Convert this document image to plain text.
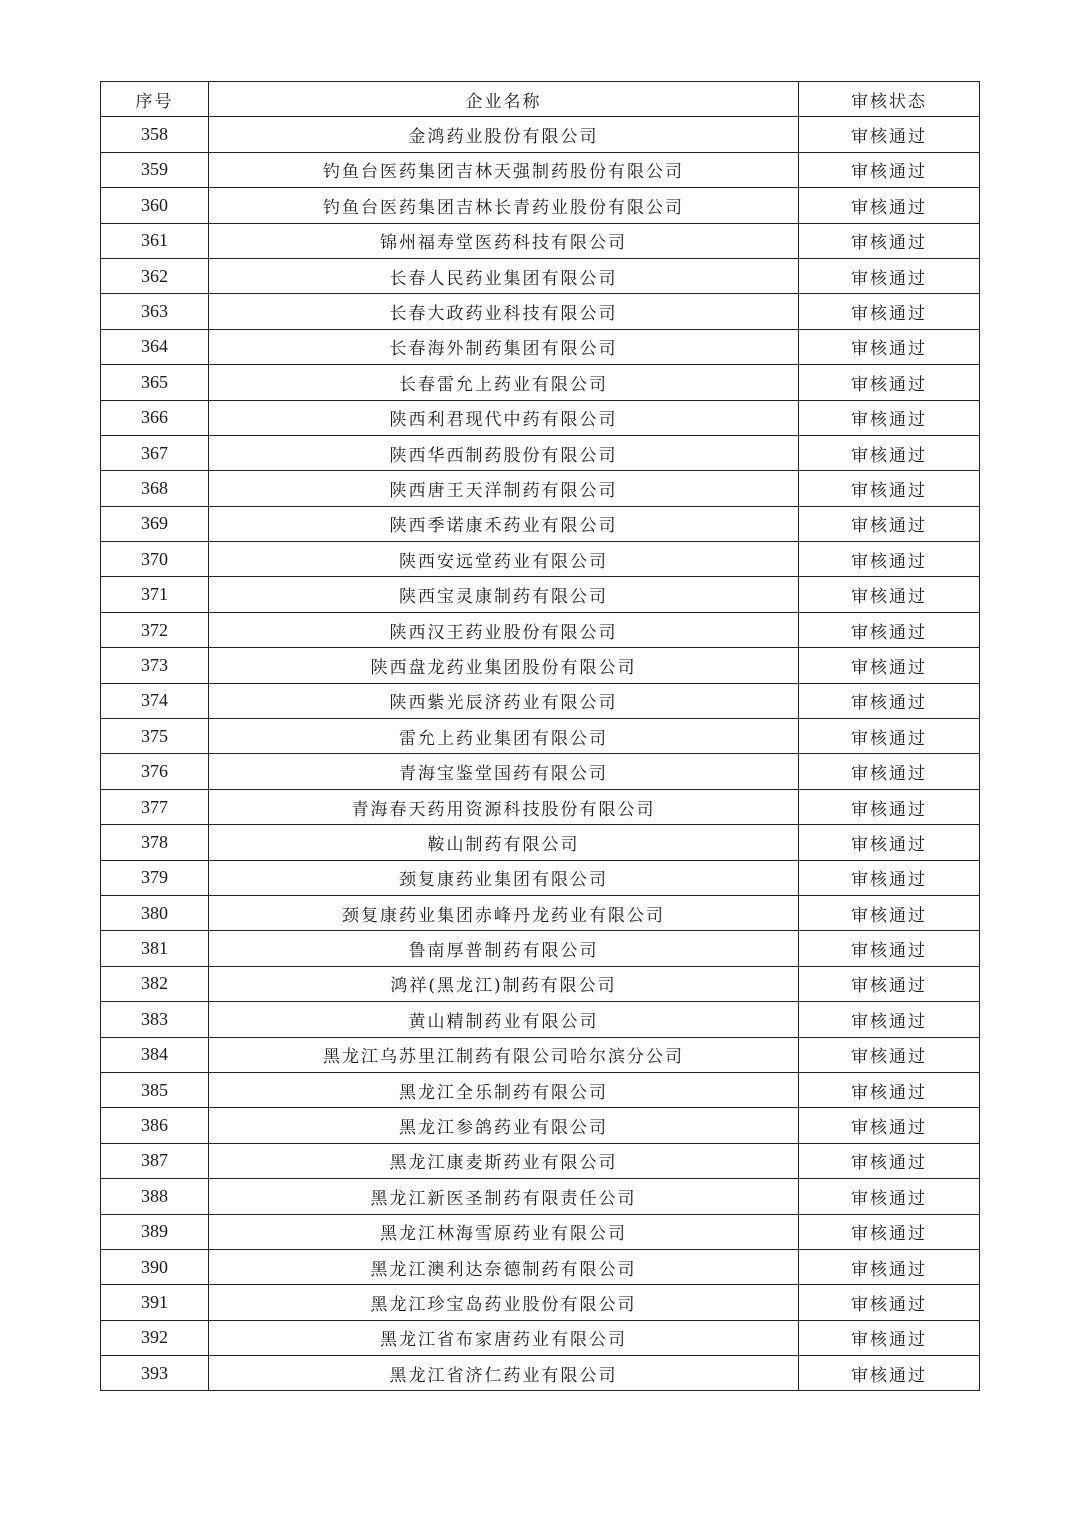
序号	企业名称	审核状态
358	金鸿药业股份有限公司	审核通过
359	钓鱼台医药集团吉林天强制药股份有限公司	审核通过
360	钓鱼台医药集团吉林长青药业股份有限公司	审核通过
361	锦州福寿堂医药科技有限公司	审核通过
362	长春人民药业集团有限公司	审核通过
363	长春大政药业科技有限公司	审核通过
364	长春海外制药集团有限公司	审核通过
365	长春雷允上药业有限公司	审核通过
366	陕西利君现代中药有限公司	审核通过
367	陕西华西制药股份有限公司	审核通过
368	陕西唐王天洋制药有限公司	审核通过
369	陕西季诺康禾药业有限公司	审核通过
370	陕西安远堂药业有限公司	审核通过
371	陕西宝灵康制药有限公司	审核通过
372	陕西汉王药业股份有限公司	审核通过
373	陕西盘龙药业集团股份有限公司	审核通过
374	陕西紫光辰济药业有限公司	审核通过
375	雷允上药业集团有限公司	审核通过
376	青海宝鉴堂国药有限公司	审核通过
377	青海春天药用资源科技股份有限公司	审核通过
378	鞍山制药有限公司	审核通过
379	颈复康药业集团有限公司	审核通过
380	颈复康药业集团赤峰丹龙药业有限公司	审核通过
381	鲁南厚普制药有限公司	审核通过
382	鸿祥(黑龙江)制药有限公司	审核通过
383	黄山精制药业有限公司	审核通过
384	黑龙江乌苏里江制药有限公司哈尔滨分公司	审核通过
385	黑龙江全乐制药有限公司	审核通过
386	黑龙江参鸽药业有限公司	审核通过
387	黑龙江康麦斯药业有限公司	审核通过
388	黑龙江新医圣制药有限责任公司	审核通过
389	黑龙江林海雪原药业有限公司	审核通过
390	黑龙江澳利达奈德制药有限公司	审核通过
391	黑龙江珍宝岛药业股份有限公司	审核通过
392	黑龙江省布家唐药业有限公司	审核通过
393	黑龙江省济仁药业有限公司	审核通过
